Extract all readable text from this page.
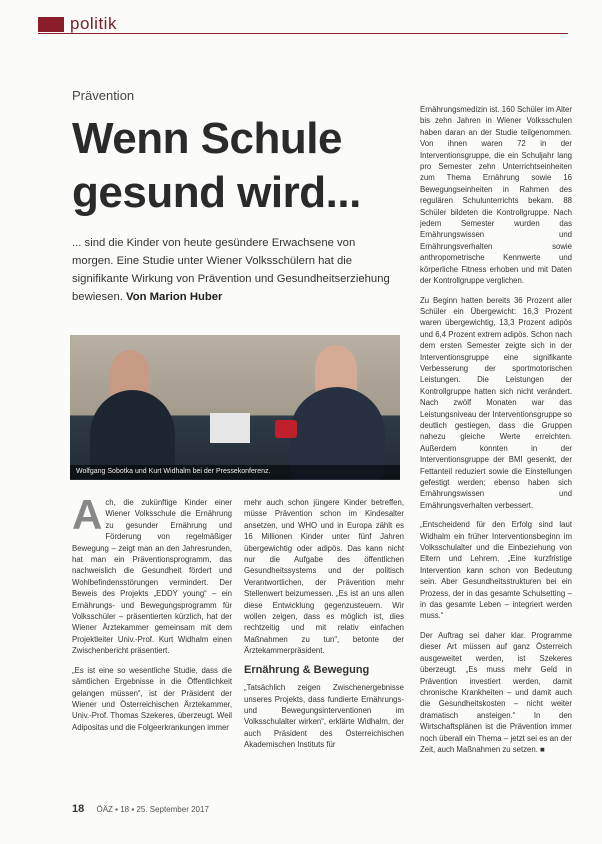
politik
Prävention
Wenn Schule gesund wird...
... sind die Kinder von heute gesündere Erwachsene von morgen. Eine Studie unter Wiener Volksschülern hat die signifikante Wirkung von Prävention und Gesundheitserziehung bewiesen. Von Marion Huber
Wolfgang Sobotka und Kurt Widhalm bei der Pressekonferenz.

Ach, die zukünftige Kinder einer Wiener Volksschule die Ernährung zu gesunder Ernährung und Förderung von regelmäßiger Bewegung – zeigt man an den Jahresrunden, hat man ein Präventionsprogramm, das nachweislich die Gesundheit fördert und Wohlbefindensstörungen vermindert. Der Beweis des Projekts „EDDY young“ – ein Ernährungs- und Bewegungsprogramm für Volksschüler – präsentierten kürzlich, hat der Wiener Ärztekammer gemeinsam mit dem Projektleiter Univ.-Prof. Kurt Widhalm einen Zwischenbericht präsentiert.

„Es ist eine so wesentliche Studie, dass die sämtlichen Ergebnisse in die Öffentlichkeit gelangen müssen“, ist der Präsident der Wiener und Österreichischen Ärztekammer, Univ.-Prof. Thomas Szekeres, überzeugt. Weil Adipositas und die Folgeerkrankungen immer

mehr auch schon jüngere Kinder betreffen, müsse Prävention schon im Kindesalter ansetzen, und WHO und in Europa zählt es 16 Millionen Kinder unter fünf Jahren übergewichtig oder adipös. Das kann nicht nur die Aufgabe des öffentlichen Gesundheitssystems und der politisch Verantwortlichen, der Prävention mehr Stellenwert beizumessen. „Es ist an uns allen diese Entwicklung gegenzusteuern. Wir wollen zeigen, dass es möglich ist, dies rechtzeitig und mit relativ einfachen Maßnahmen zu tun“, betonte der Ärztekammerpräsident.

Ernährung & Bewegung

„Tatsächlich zeigen Zwischenergebnisse unseres Projekts, dass fundierte Ernährungs- und Bewegungsinterventionen im Volksschulalter wirken“, erklärte Widhalm, der auch Präsident des Österreichischen Akademischen Instituts für

Ernährungsmedizin ist. 160 Schüler im Alter bis zehn Jahren in Wiener Volksschulen haben daran an der Studie teilgenommen. Von ihnen waren 72 in der Interventionsgruppe, die ein Schuljahr lang pro Semester zehn Unterrichtseinheiten zum Thema Ernährung sowie 16 Bewegungseinheiten in Rahmen des regulären Schulunterrichts bekam. 88 Schüler bildeten die Kontrollgruppe. Nach jedem Semester wurden das Ernährungswissen und Ernährungsverhalten sowie anthropometrische Kennwerte und körperliche Fitness erhoben und mit Daten der Kontrollgruppe verglichen.

Zu Beginn hatten bereits 36 Prozent aller Schüler ein Übergewicht: 16,3 Prozent waren übergewichtig, 13,3 Prozent adipös und 6,4 Prozent extrem adipös. Schon nach dem ersten Semester zeigte sich in der Interventionsgruppe eine signifikante Verbesserung der sportmotorischen Leistungen. Die Leistungen der Kontrollgruppe hatten sich nicht verändert. Nach zwölf Monaten war das Leistungsniveau der Interventionsgruppe so deutlich gestiegen, dass die Gruppen nahezu gleiche Werte erreichten. Außerdem konnten in der Interventionsgruppe der BMI gesenkt, der Fettanteil reduziert sowie die Einstellungen gefestigt werden; ebenso haben sich Ernährungswissen und Ernährungsverhalten verbessert.

„Entscheidend für den Erfolg sind laut Widhalm ein früher Interventionsbeginn im Volksschulalter und die Einbeziehung von Eltern und Lehrern. „Eine kurzfristige Intervention kann schon von Bedeutung sein. Aber Gesundheitsstrukturen bei ein Prozess, der in das gesamte Schulsetting – in das gesamte Leben – integriert werden muss.“

Der Auftrag sei daher klar. Programme dieser Art müssen auf ganz Österreich ausgeweitet werden, ist Szekeres überzeugt. „Es muss mehr Geld in Prävention investiert werden, damit chronische Krankheiten – und damit auch die Gesundheitskosten – nicht weiter dramatisch ansteigen.“ In den Wirtschaftsplänen ist die Prävention immer noch überall ein Thema – jetzt sei es an der Zeit, auch Maßnahmen zu setzen. ■

18 ÖÄZ ▪ 18 ▪ 25. September 2017
